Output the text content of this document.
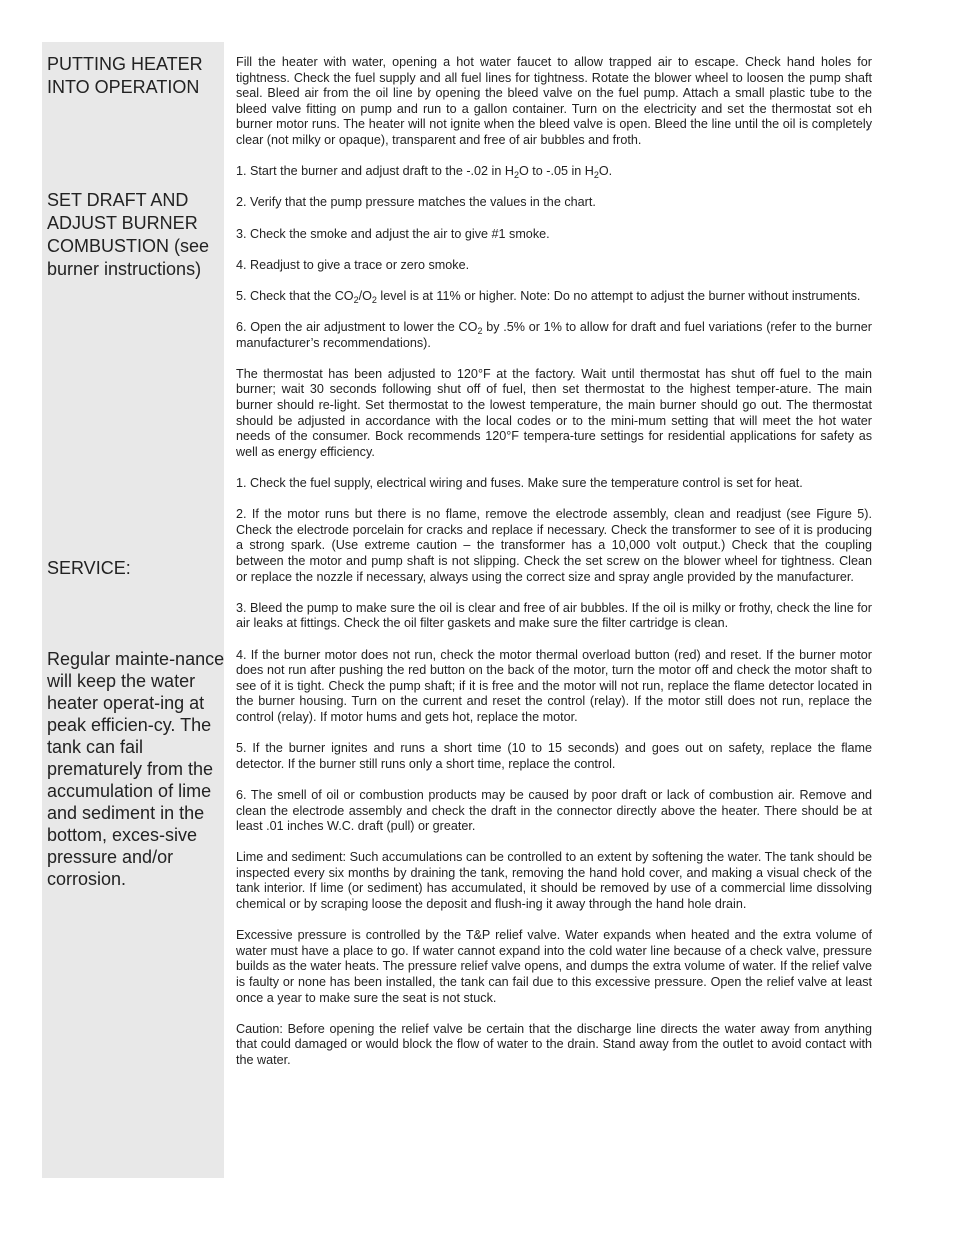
PUTTING HEATER INTO OPERATION
SET DRAFT AND ADJUST BURNER COMBUSTION (see burner instructions)
SERVICE:
Regular mainte-nance will keep the water heater operat-ing at peak efficien-cy. The tank can fail prematurely from the accumulation of lime and sediment in the bottom, exces-sive pressure and/or corrosion.

Fill the heater with water, opening a hot water faucet to allow trapped air to escape. Check hand holes for tightness. Check the fuel supply and all fuel lines for tightness. Rotate the blower wheel to loosen the pump shaft seal. Bleed air from the oil line by opening the bleed valve on the fuel pump. Attach a small plastic tube to the bleed valve fitting on pump and run to a gallon container. Turn on the electricity and set the thermostat sot eh burner motor runs. The heater will not ignite when the bleed valve is open. Bleed the line until the oil is completely clear (not milky or opaque), transparent and free of air bubbles and froth.

1. Start the burner and adjust draft to the -.02 in $H_2O$ to -.05 in $H_2O$.

2. Verify that the pump pressure matches the values in the chart.

3. Check the smoke and adjust the air to give #1 smoke.

4. Readjust to give a trace or zero smoke.

5. Check that the $CO_2/O_2$ level is at 11% or higher. Note: Do no attempt to adjust the burner without instruments.

6. Open the air adjustment to lower the $CO_2$ by .5% or 1% to allow for draft and fuel variations (refer to the burner manufacturer’s recommendations).

The thermostat has been adjusted to 120°F at the factory. Wait until thermostat has shut off fuel to the main burner; wait 30 seconds following shut off of fuel, then set thermostat to the highest temper-ature. The main burner should re-light. Set thermostat to the lowest temperature, the main burner should go out. The thermostat should be adjusted in accordance with the local codes or to the mini-mum setting that will meet the hot water needs of the consumer. Bock recommends 120°F tempera-ture settings for residential applications for safety as well as energy efficiency.

1. Check the fuel supply, electrical wiring and fuses. Make sure the temperature control is set for heat.

2. If the motor runs but there is no flame, remove the electrode assembly, clean and readjust (see Figure 5). Check the electrode porcelain for cracks and replace if necessary. Check the transformer to see of it is producing a strong spark. (Use extreme caution – the transformer has a 10,000 volt output.) Check that the coupling between the motor and pump shaft is not slipping. Check the set screw on the blower wheel for tightness. Clean or replace the nozzle if necessary, always using the correct size and spray angle provided by the manufacturer.

3. Bleed the pump to make sure the oil is clear and free of air bubbles. If the oil is milky or frothy, check the line for air leaks at fittings. Check the oil filter gaskets and make sure the filter cartridge is clean.

4. If the burner motor does not run, check the motor thermal overload button (red) and reset. If the burner motor does not run after pushing the red button on the back of the motor, turn the motor off and check the motor shaft to see of it is tight. Check the pump shaft; if it is free and the motor will not run, replace the flame detector located in the burner housing. Turn on the current and reset the control (relay). If the motor still does not run, replace the control (relay). If motor hums and gets hot, replace the motor.

5. If the burner ignites and runs a short time (10 to 15 seconds) and goes out on safety, replace the flame detector. If the burner still runs only a short time, replace the control.

6. The smell of oil or combustion products may be caused by poor draft or lack of combustion air. Remove and clean the electrode assembly and check the draft in the connector directly above the heater. There should be at least .01 inches W.C. draft (pull) or greater.

Lime and sediment: Such accumulations can be controlled to an extent by softening the water. The tank should be inspected every six months by draining the tank, removing the hand hold cover, and making a visual check of the tank interior. If lime (or sediment) has accumulated, it should be removed by use of a commercial lime dissolving chemical or by scraping loose the deposit and flush-ing it away through the hand hole drain.

Excessive pressure is controlled by the T&P relief valve. Water expands when heated and the extra volume of water must have a place to go. If water cannot expand into the cold water line because of a check valve, pressure builds as the water heats. The pressure relief valve opens, and dumps the extra volume of water. If the relief valve is faulty or none has been installed, the tank can fail due to this excessive pressure. Open the relief valve at least once a year to make sure the seat is not stuck.

Caution: Before opening the relief valve be certain that the discharge line directs the water away from anything that could damaged or would block the flow of water to the drain. Stand away from the outlet to avoid contact with the water.
